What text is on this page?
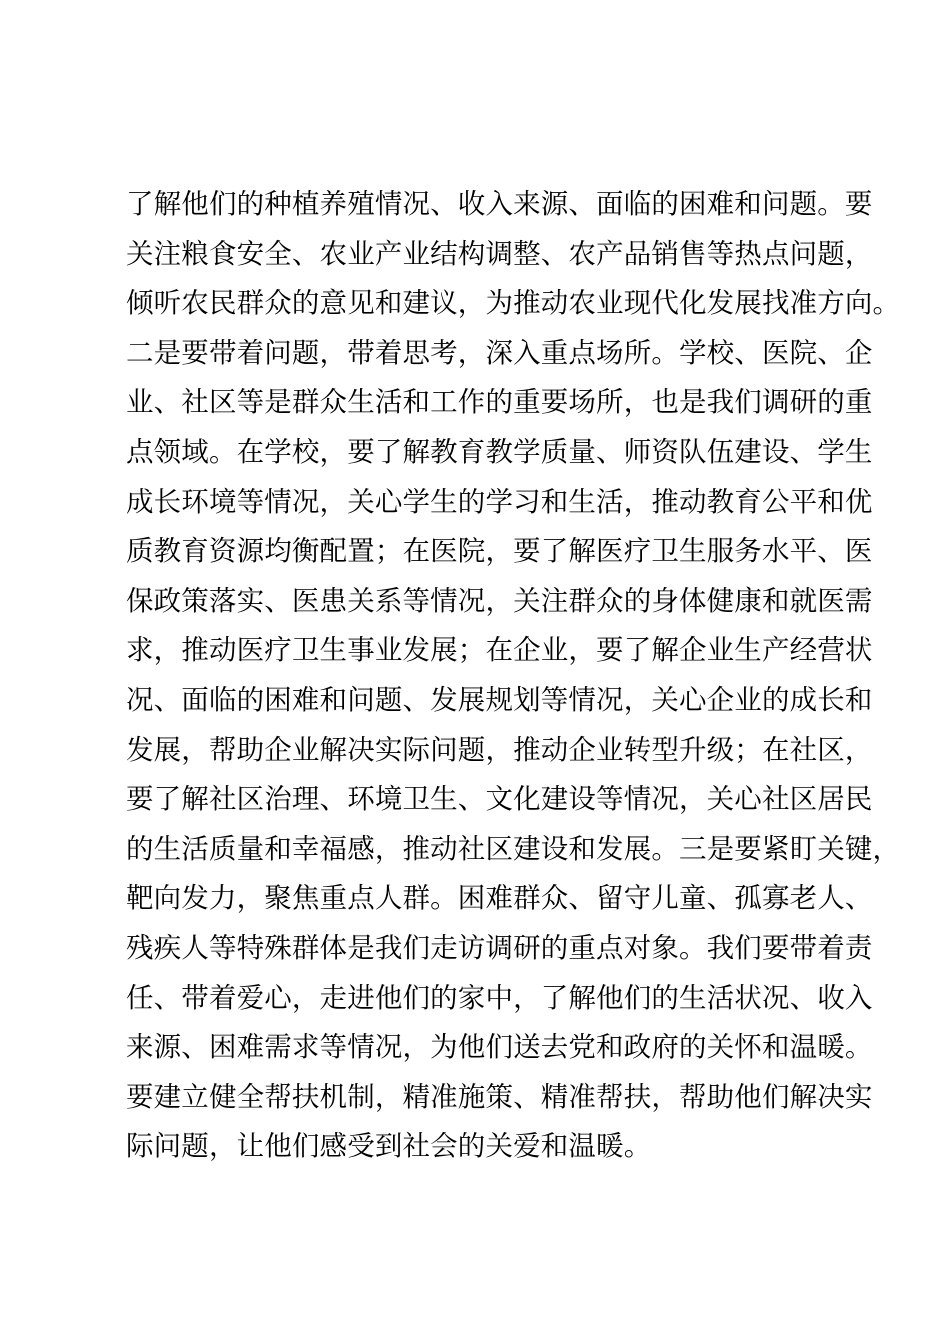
了解他们的种植养殖情况、收入来源、面临的困难和问题。要
关注粮食安全、农业产业结构调整、农产品销售等热点问题，
倾听农民群众的意见和建议，为推动农业现代化发展找准方向。
二是要带着问题，带着思考，深入重点场所。学校、医院、企
业、社区等是群众生活和工作的重要场所，也是我们调研的重
点领域。在学校，要了解教育教学质量、师资队伍建设、学生
成长环境等情况，关心学生的学习和生活，推动教育公平和优
质教育资源均衡配置；在医院，要了解医疗卫生服务水平、医
保政策落实、医患关系等情况，关注群众的身体健康和就医需
求，推动医疗卫生事业发展；在企业，要了解企业生产经营状
况、面临的困难和问题、发展规划等情况，关心企业的成长和
发展，帮助企业解决实际问题，推动企业转型升级；在社区，
要了解社区治理、环境卫生、文化建设等情况，关心社区居民
的生活质量和幸福感，推动社区建设和发展。三是要紧盯关键，
靶向发力，聚焦重点人群。困难群众、留守儿童、孤寡老人、
残疾人等特殊群体是我们走访调研的重点对象。我们要带着责
任、带着爱心，走进他们的家中，了解他们的生活状况、收入
来源、困难需求等情况，为他们送去党和政府的关怀和温暖。
要建立健全帮扶机制，精准施策、精准帮扶，帮助他们解决实
际问题，让他们感受到社会的关爱和温暖。
